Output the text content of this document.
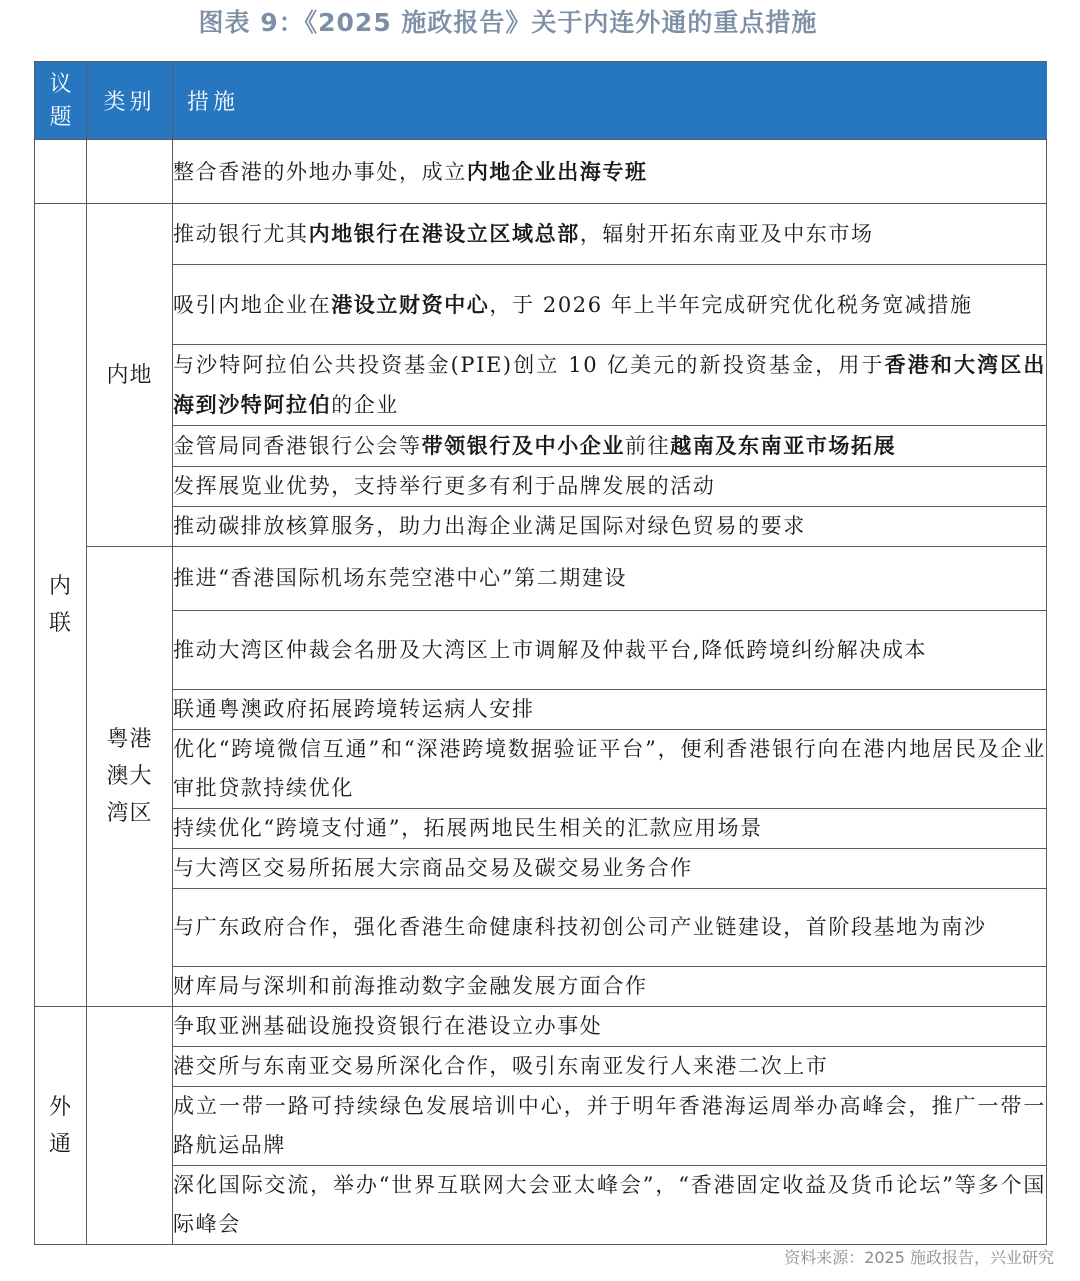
图表 9：《2025 施政报告》关于内连外通的重点措施
议
题	类别	措施
		整合香港的外地办事处，成立内地企业出海专班

内
联	内地	推动银行尤其内地银行在港设立区域总部，辐射开拓东南亚及中东市场
		吸引内地企业在港设立财资中心，于 2026 年上半年完成研究优化税务宽减措施
		与沙特阿拉伯公共投资基金(PIE)创立 10 亿美元的新投资基金，用于香港和大湾区出海到沙特阿拉伯的企业
		金管局同香港银行公会等带领银行及中小企业前往越南及东南亚市场拓展
		发挥展览业优势，支持举行更多有利于品牌发展的活动
		推动碳排放核算服务，助力出海企业满足国际对绿色贸易的要求

	粤港
澳大
湾区	推进“香港国际机场东莞空港中心”第二期建设
		推动大湾区仲裁会名册及大湾区上市调解及仲裁平台,降低跨境纠纷解决成本
		联通粤澳政府拓展跨境转运病人安排
		优化“跨境微信互通”和“深港跨境数据验证平台”，便利香港银行向在港内地居民及企业审批贷款持续优化
		持续优化“跨境支付通”，拓展两地民生相关的汇款应用场景
		与大湾区交易所拓展大宗商品交易及碳交易业务合作
		与广东政府合作，强化香港生命健康科技初创公司产业链建设，首阶段基地为南沙
		财库局与深圳和前海推动数字金融发展方面合作

外
通		争取亚洲基础设施投资银行在港设立办事处
		港交所与东南亚交易所深化合作，吸引东南亚发行人来港二次上市
		成立一带一路可持续绿色发展培训中心，并于明年香港海运周举办高峰会，推广一带一路航运品牌
		深化国际交流，举办“世界互联网大会亚太峰会”，“香港固定收益及货币论坛”等多个国际峰会
资料来源：2025 施政报告，兴业研究
